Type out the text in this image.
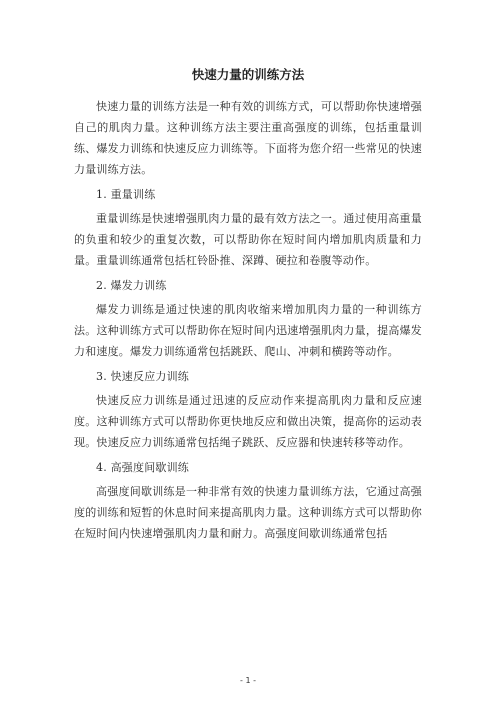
快速力量的训练方法

快速力量的训练方法是一种有效的训练方式，可以帮助你快速增强自己的肌肉力量。这种训练方法主要注重高强度的训练，包括重量训练、爆发力训练和快速反应力训练等。下面将为您介绍一些常见的快速力量训练方法。

1. 重量训练

重量训练是快速增强肌肉力量的最有效方法之一。通过使用高重量的负重和较少的重复次数，可以帮助你在短时间内增加肌肉质量和力量。重量训练通常包括杠铃卧推、深蹲、硬拉和卷腹等动作。

2. 爆发力训练

爆发力训练是通过快速的肌肉收缩来增加肌肉力量的一种训练方法。这种训练方式可以帮助你在短时间内迅速增强肌肉力量，提高爆发力和速度。爆发力训练通常包括跳跃、爬山、冲刺和横跨等动作。

3. 快速反应力训练

快速反应力训练是通过迅速的反应动作来提高肌肉力量和反应速度。这种训练方式可以帮助你更快地反应和做出决策，提高你的运动表现。快速反应力训练通常包括绳子跳跃、反应器和快速转移等动作。

4. 高强度间歇训练

高强度间歇训练是一种非常有效的快速力量训练方法，它通过高强度的训练和短暂的休息时间来提高肌肉力量。这种训练方式可以帮助你在短时间内快速增强肌肉力量和耐力。高强度间歇训练通常包括

- 1 -
